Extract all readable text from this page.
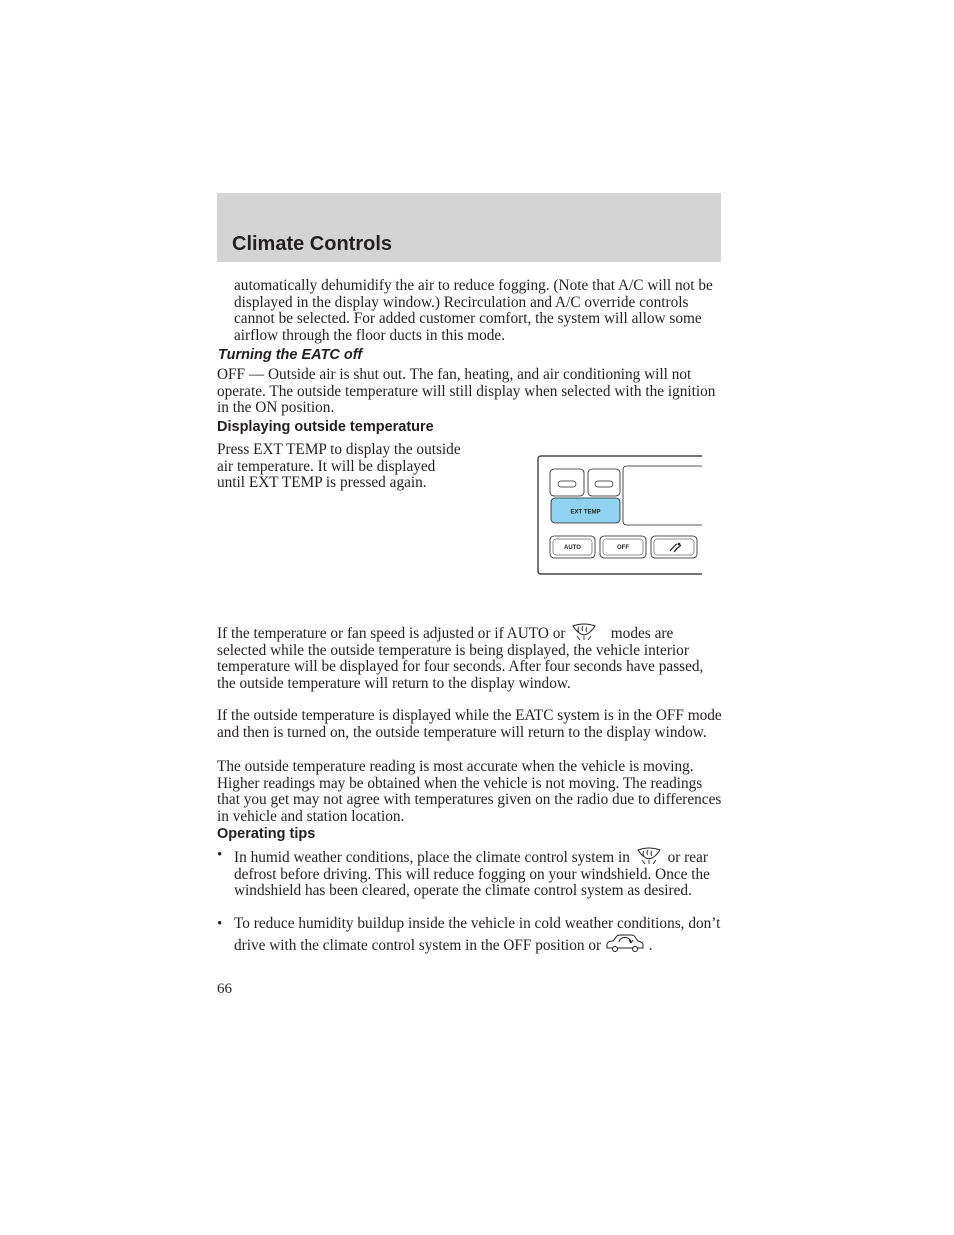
Climate Controls

automatically dehumidify the air to reduce fogging. (Note that A/C will not be displayed in the display window.) Recirculation and A/C override controls cannot be selected. For added customer comfort, the system will allow some airflow through the floor ducts in this mode.

Turning the EATC off

OFF — Outside air is shut out. The fan, heating, and air conditioning will not operate. The outside temperature will still display when selected with the ignition in the ON position.

Displaying outside temperature

Press EXT TEMP to display the outside air temperature. It will be displayed until EXT TEMP is pressed again.

EXT TEMP
AUTO	OFF

If the temperature or fan speed is adjusted or if AUTO or	modes are selected while the outside temperature is being displayed, the vehicle interior temperature will be displayed for four seconds. After four seconds have passed, the outside temperature will return to the display window.

If the outside temperature is displayed while the EATC system is in the OFF mode and then is turned on, the outside temperature will return to the display window.

The outside temperature reading is most accurate when the vehicle is moving. Higher readings may be obtained when the vehicle is not moving. The readings that you get may not agree with temperatures given on the radio due to differences in vehicle and station location.

Operating tips

• In humid weather conditions, place the climate control system in or rear defrost before driving. This will reduce fogging on your windshield. Once the windshield has been cleared, operate the climate control system as desired.

• To reduce humidity buildup inside the vehicle in cold weather conditions, don’t drive with the climate control system in the OFF position or	.

66
